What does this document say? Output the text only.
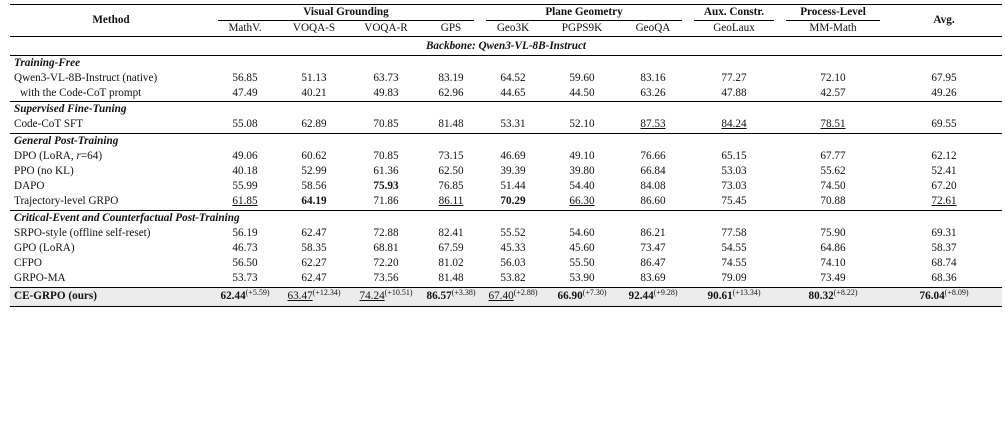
Method	Visual Grounding				Plane Geometry			Aux. Constr.	Process-Level	Avg.
	MathV.	VOQA-S	VOQA-R	GPS	Geo3K	PGPS9K	GeoQA	GeoLaux	MM-Math	
Backbone: Qwen3-VL-8B-Instruct										
Training-Free										
Qwen3-VL-8B-Instruct (native)	56.85	51.13	63.73	83.19	64.52	59.60	83.16	77.27	72.10	67.95
with the Code-CoT prompt	47.49	40.21	49.83	62.96	44.65	44.50	63.26	47.88	42.57	49.26
Supervised Fine-Tuning										
Code-CoT SFT	55.08	62.89	70.85	81.48	53.31	52.10	87.53	84.24	78.51	69.55
General Post-Training										
DPO (LoRA, r=64)	49.06	60.62	70.85	73.15	46.69	49.10	76.66	65.15	67.77	62.12
PPO (no KL)	40.18	52.99	61.36	62.50	39.39	39.80	66.84	53.03	55.62	52.41
DAPO	55.99	58.56	75.93	76.85	51.44	54.40	84.08	73.03	74.50	67.20
Trajectory-level GRPO	61.85	64.19	71.86	86.11	70.29	66.30	86.60	75.45	70.88	72.61
Critical-Event and Counterfactual Post-Training										
SRPO-style (offline self-reset)	56.19	62.47	72.88	82.41	55.52	54.60	86.21	77.58	75.90	69.31
GPO (LoRA)	46.73	58.35	68.81	67.59	45.33	45.60	73.47	54.55	64.86	58.37
CFPO	56.50	62.27	72.20	81.02	56.03	55.50	86.47	74.55	74.10	68.74
GRPO-MA	53.73	62.47	73.56	81.48	53.82	53.90	83.69	79.09	73.49	68.36
CE-GRPO (ours)	$62.44^{(+5.59)}$	$63.47^{(+12.34)}$	$74.24^{(+10.51)}$	$86.57^{(+3.38)}$	$67.40^{(+2.88)}$	$66.90^{(+7.30)}$	$92.44^{(+9.28)}$	$90.61^{(+13.34)}$	$80.32^{(+8.22)}$	$76.04^{(+8.09)}$
